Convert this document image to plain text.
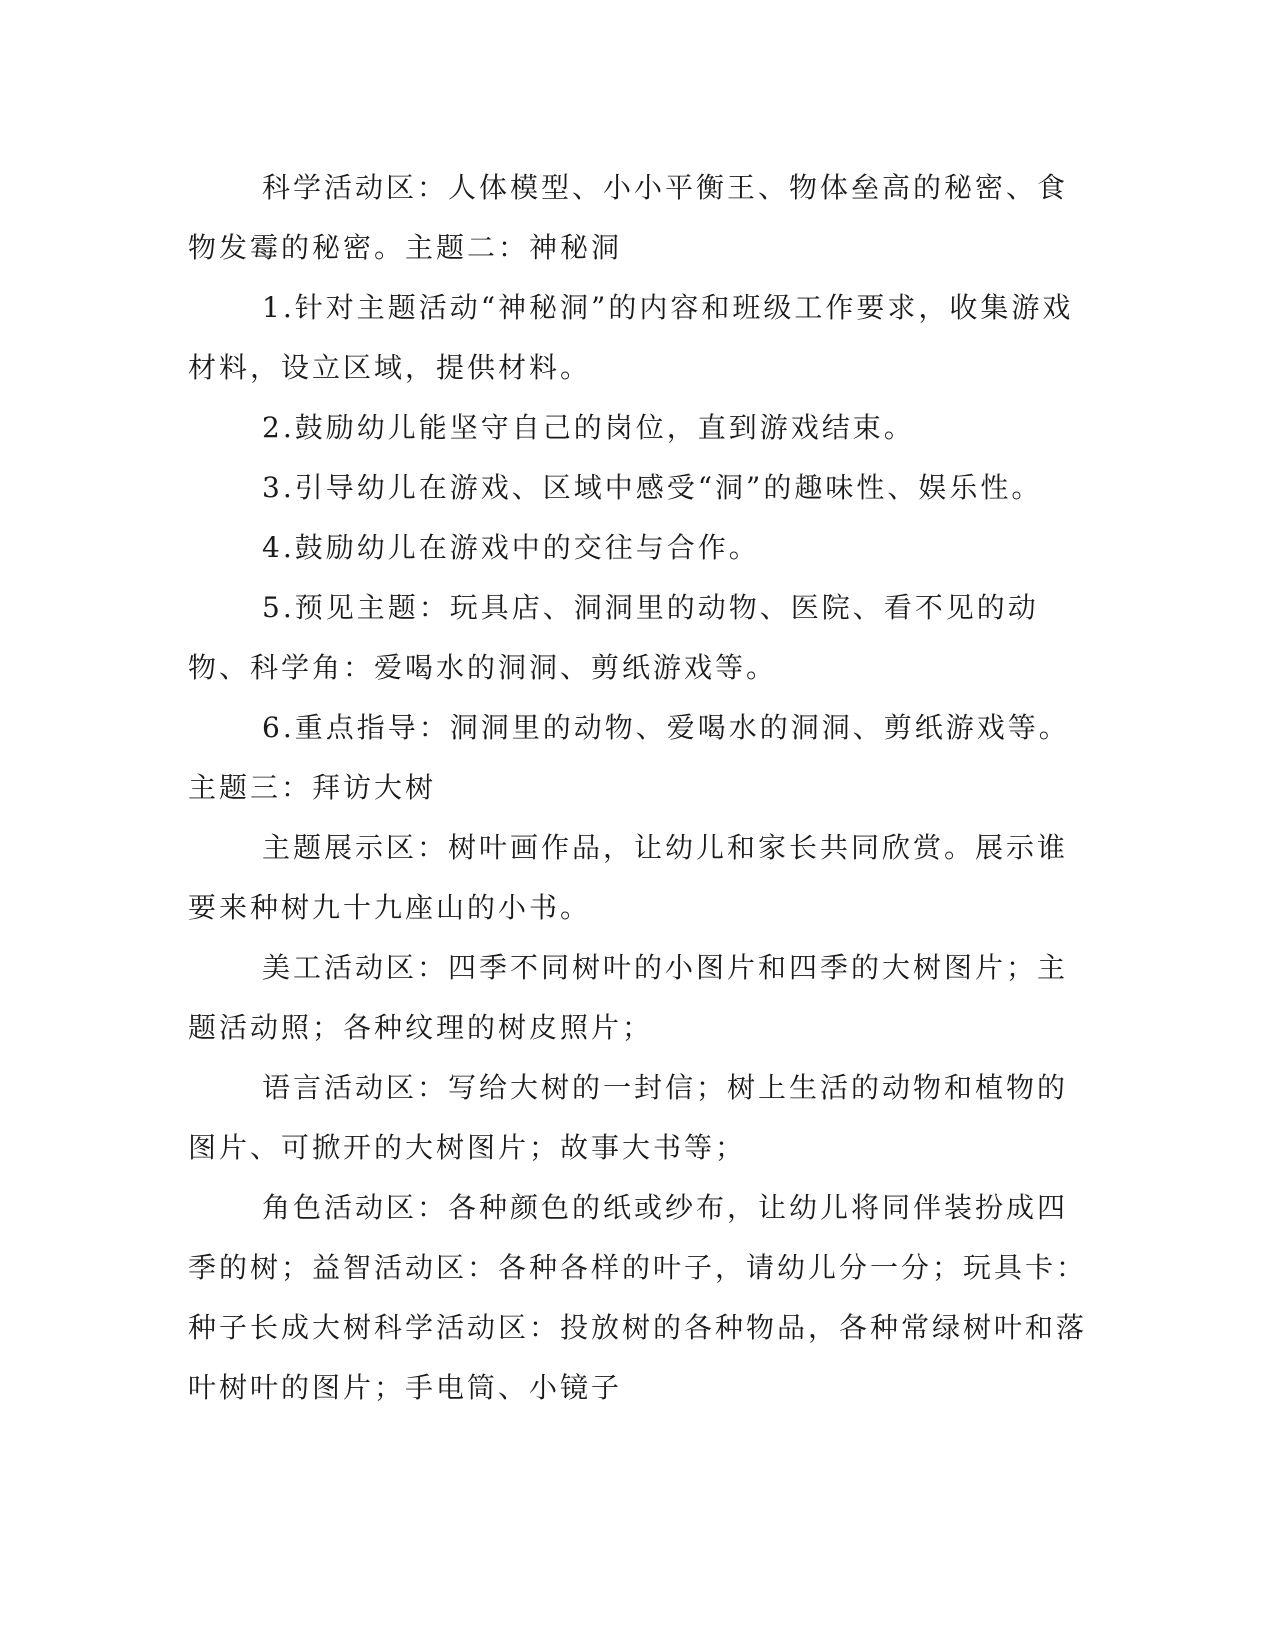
科学活动区：人体模型、小小平衡王、物体垒高的秘密、食物发霉的秘密。主题二：神秘洞

1.针对主题活动“神秘洞”的内容和班级工作要求，收集游戏材料，设立区域，提供材料。

2.鼓励幼儿能坚守自己的岗位，直到游戏结束。

3.引导幼儿在游戏、区域中感受“洞”的趣味性、娱乐性。

4.鼓励幼儿在游戏中的交往与合作。

5.预见主题：玩具店、洞洞里的动物、医院、看不见的动物、科学角：爱喝水的洞洞、剪纸游戏等。

6.重点指导：洞洞里的动物、爱喝水的洞洞、剪纸游戏等。主题三：拜访大树

主题展示区：树叶画作品，让幼儿和家长共同欣赏。展示谁要来种树九十九座山的小书。

美工活动区：四季不同树叶的小图片和四季的大树图片；主题活动照；各种纹理的树皮照片；

语言活动区：写给大树的一封信；树上生活的动物和植物的图片、可掀开的大树图片；故事大书等；

角色活动区：各种颜色的纸或纱布，让幼儿将同伴装扮成四季的树；益智活动区：各种各样的叶子，请幼儿分一分；玩具卡：种子长成大树科学活动区：投放树的各种物品，各种常绿树叶和落叶树叶的图片；手电筒、小镜子
